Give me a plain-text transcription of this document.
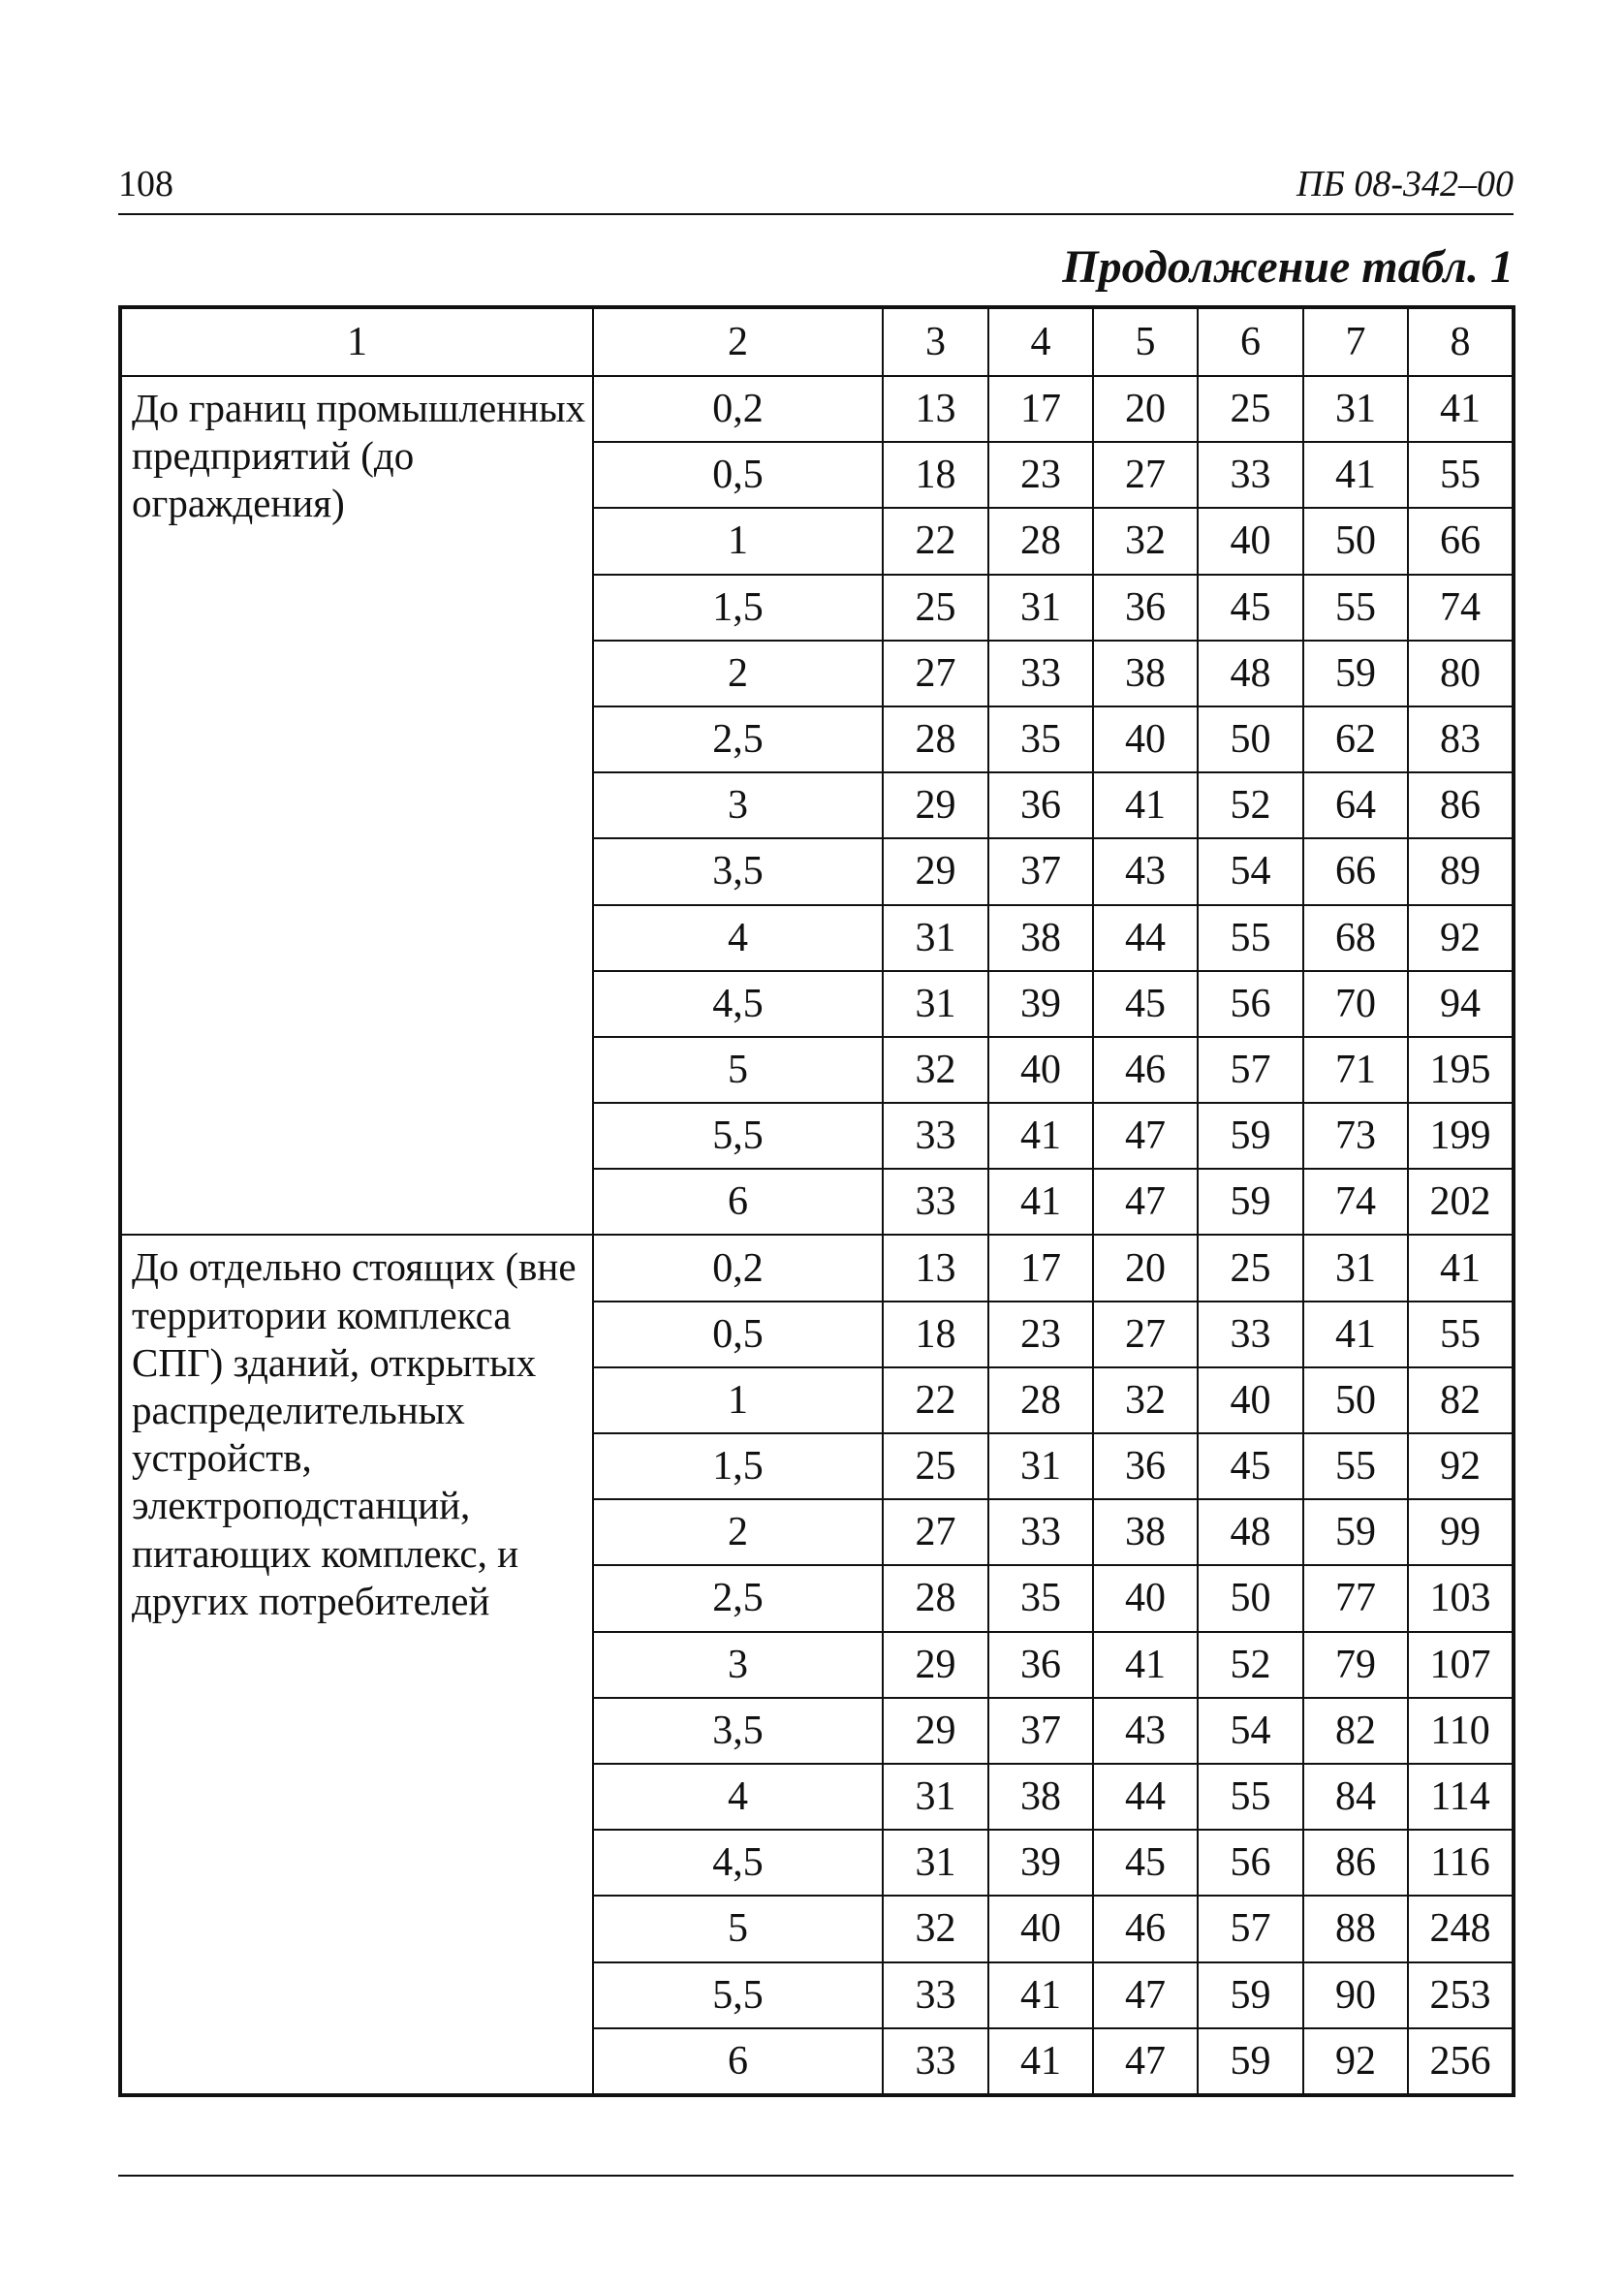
108	ПБ 08-342–00
Продолжение табл. 1
1	2	3	4	5	6	7	8
До границ промышленных предприятий (до ограждения)	0,2	13	17	20	25	31	41
	0,5	18	23	27	33	41	55
	1	22	28	32	40	50	66
	1,5	25	31	36	45	55	74
	2	27	33	38	48	59	80
	2,5	28	35	40	50	62	83
	3	29	36	41	52	64	86
	3,5	29	37	43	54	66	89
	4	31	38	44	55	68	92
	4,5	31	39	45	56	70	94
	5	32	40	46	57	71	195
	5,5	33	41	47	59	73	199
	6	33	41	47	59	74	202
До отдельно стоящих (вне территории комплекса СПГ) зданий, открытых распределительных устройств, электроподстанций, питающих комплекс, и других потребителей	0,2	13	17	20	25	31	41
	0,5	18	23	27	33	41	55
	1	22	28	32	40	50	82
	1,5	25	31	36	45	55	92
	2	27	33	38	48	59	99
	2,5	28	35	40	50	77	103
	3	29	36	41	52	79	107
	3,5	29	37	43	54	82	110
	4	31	38	44	55	84	114
	4,5	31	39	45	56	86	116
	5	32	40	46	57	88	248
	5,5	33	41	47	59	90	253
	6	33	41	47	59	92	256
